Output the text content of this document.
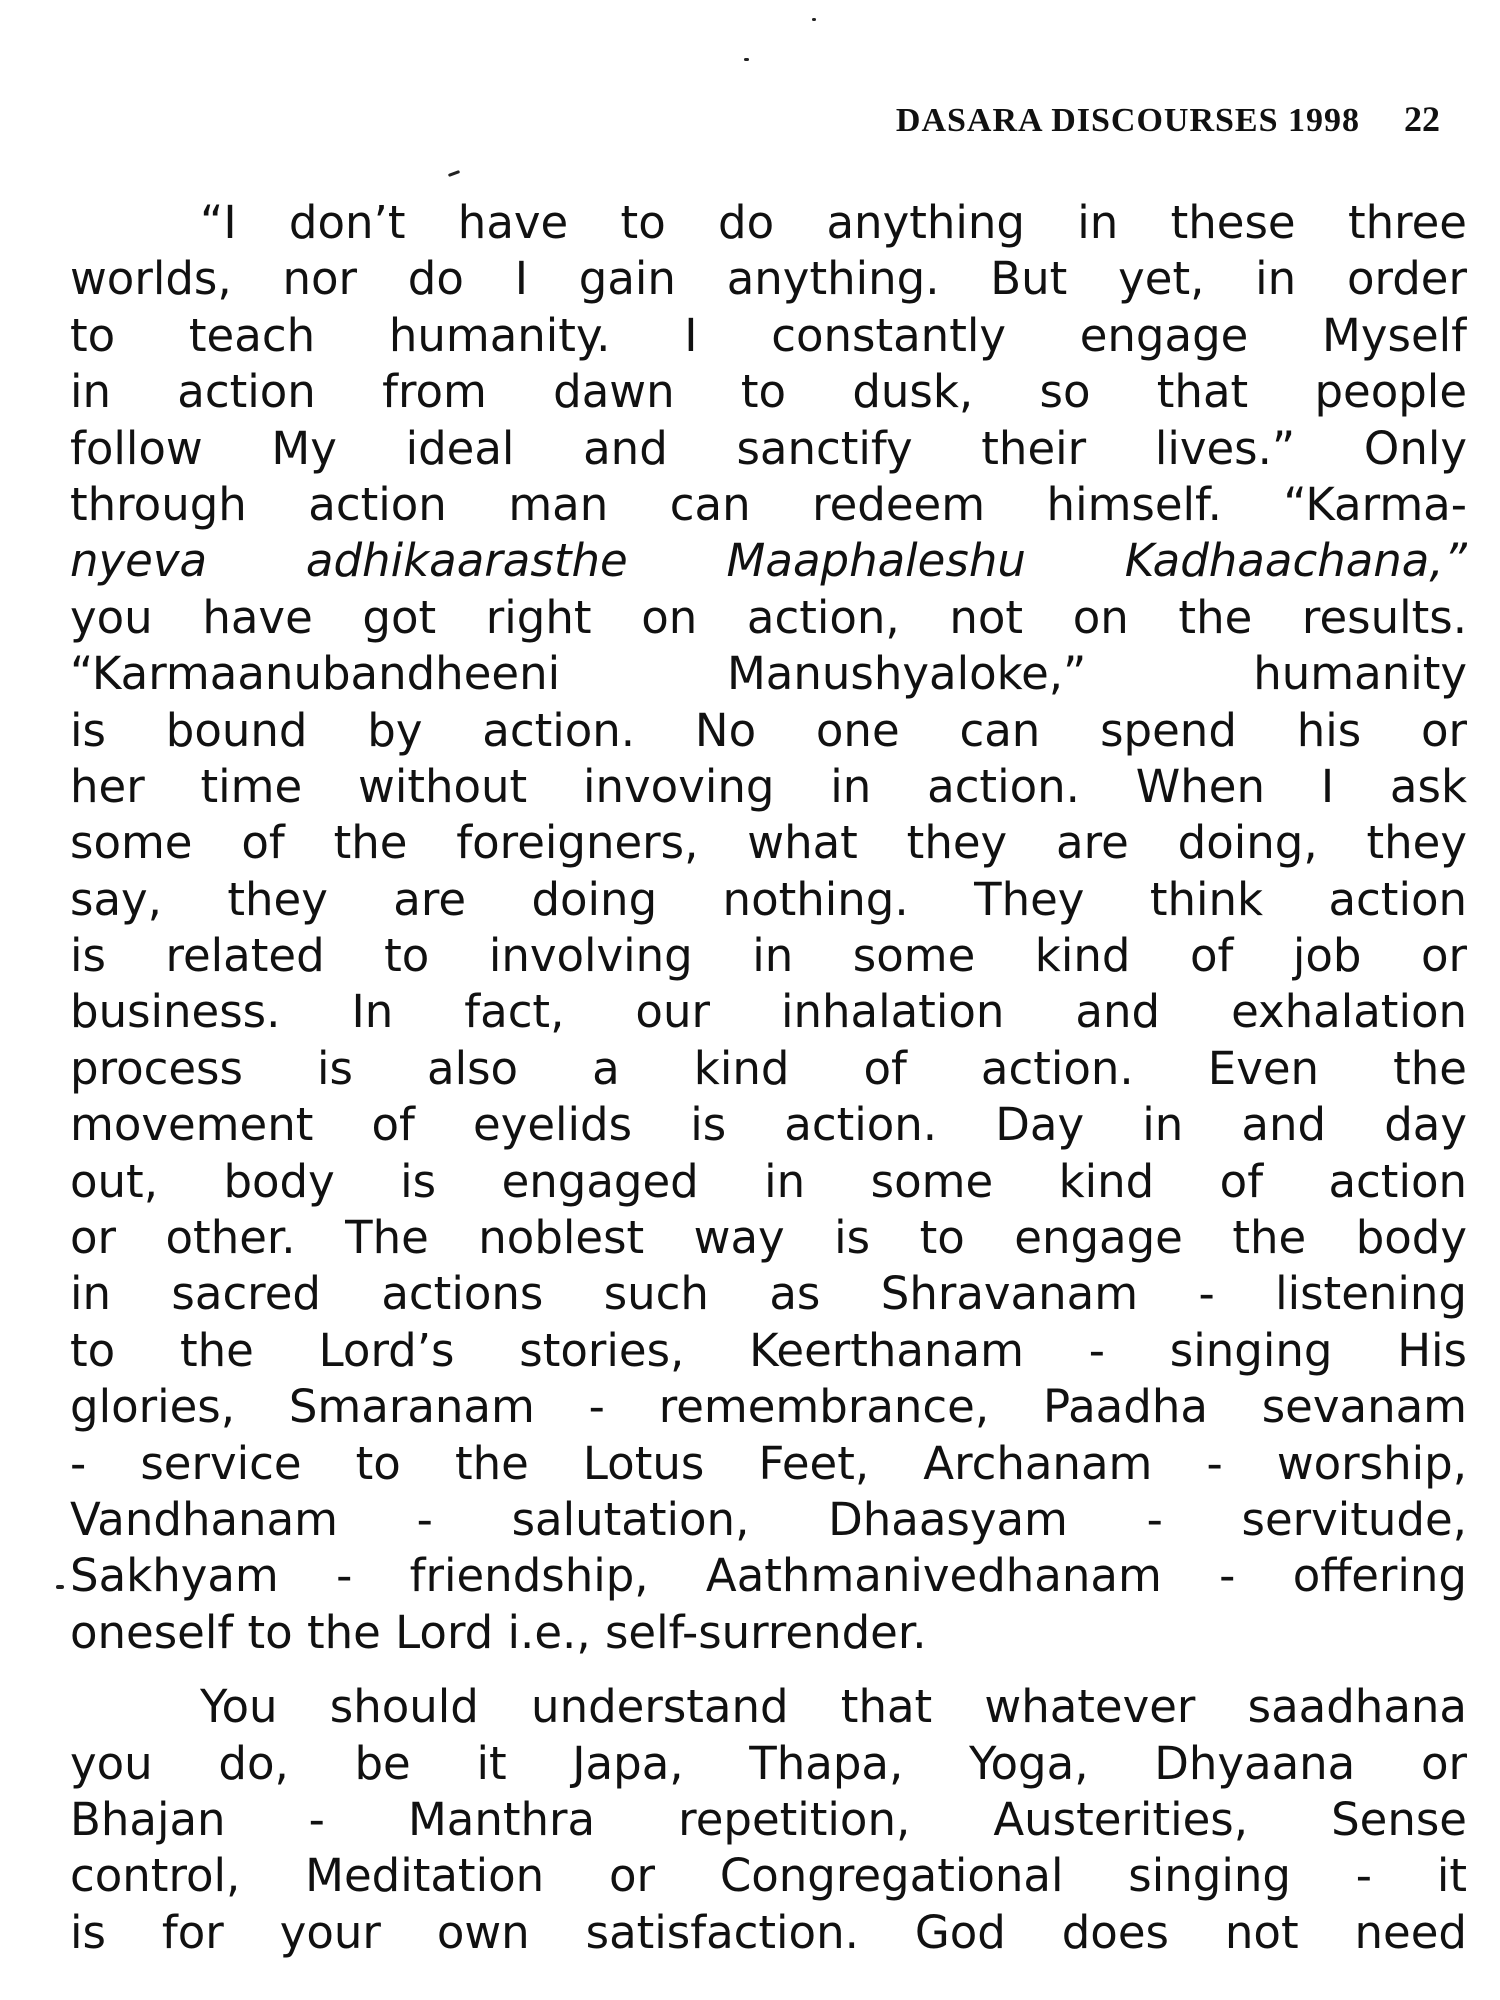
DASARA DISCOURSES 1998 22
“I don’t have to do anything in these three
worlds, nor do I gain anything. But yet, in order
to teach humanity. I constantly engage Myself
in action from dawn to dusk, so that people
follow My ideal and sanctify their lives.” Only
through action man can redeem himself. “Karma-
nyeva adhikaarasthe Maaphaleshu Kadhaachana,”
you have got right on action, not on the results.
“Karmaanubandheeni Manushyaloke,” humanity
is bound by action. No one can spend his or
her time without invoving in action. When I ask
some of the foreigners, what they are doing, they
say, they are doing nothing. They think action
is related to involving in some kind of job or
business. In fact, our inhalation and exhalation
process is also a kind of action. Even the
movement of eyelids is action. Day in and day
out, body is engaged in some kind of action
or other. The noblest way is to engage the body
in sacred actions such as Shravanam - listening
to the Lord’s stories, Keerthanam - singing His
glories, Smaranam - remembrance, Paadha sevanam
- service to the Lotus Feet, Archanam - worship,
Vandhanam - salutation, Dhaasyam - servitude,
Sakhyam - friendship, Aathmanivedhanam - offering
oneself to the Lord i.e., self-surrender.
You should understand that whatever saadhana
you do, be it Japa, Thapa, Yoga, Dhyaana or
Bhajan - Manthra repetition, Austerities, Sense
control, Meditation or Congregational singing - it
is for your own satisfaction. God does not need
